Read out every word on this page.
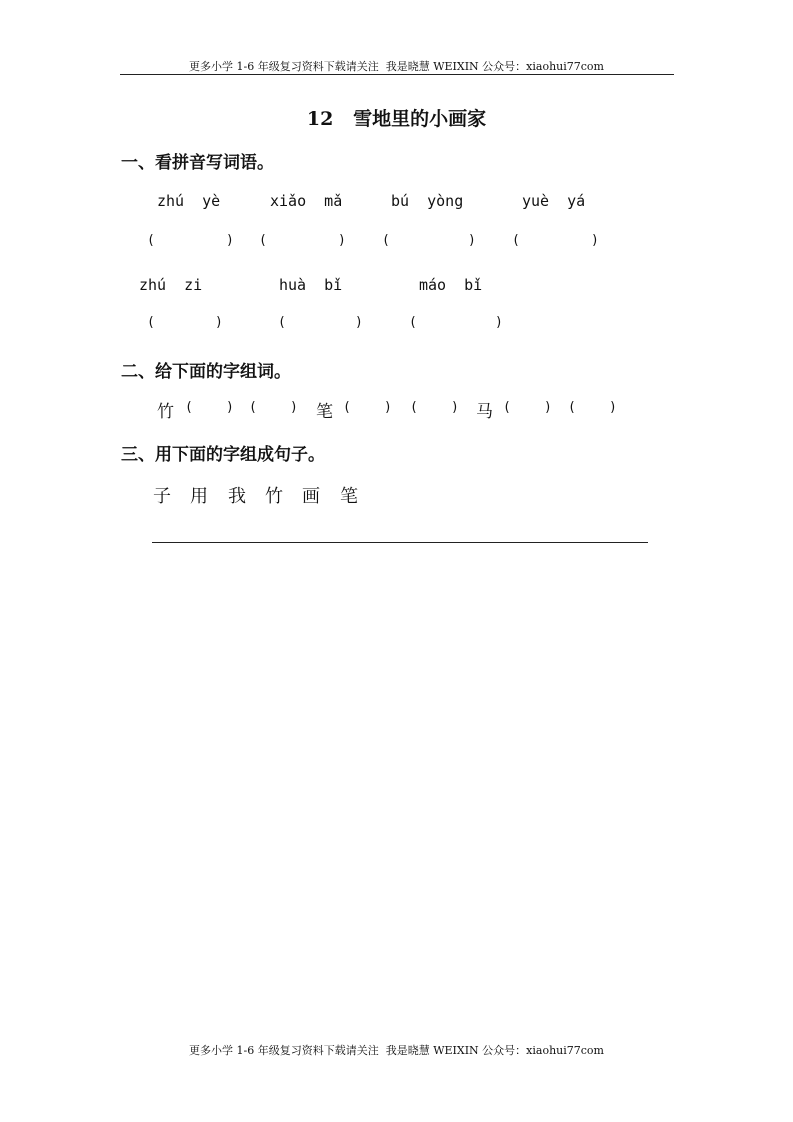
更多小学 1-6 年级复习资料下载请关注  我是晓慧 WEIXIN 公众号：xiaohui77com
12   雪地里的小画家
一、看拼音写词语。
zhú  yè	xiǎo  mǎ	bú  yòng	yuè  yá
(	) (	)	(	)	(	)
zhú  zi	huà  bǐ	máo  bǐ
(	)	(	)	(	)
二、给下面的字组词。
竹 (	) (	) 笔 (	) (	) 马 (	) (	)
三、用下面的字组成句子。
子 用 我 竹 画 笔
更多小学 1-6 年级复习资料下载请关注  我是晓慧 WEIXIN 公众号：xiaohui77com
